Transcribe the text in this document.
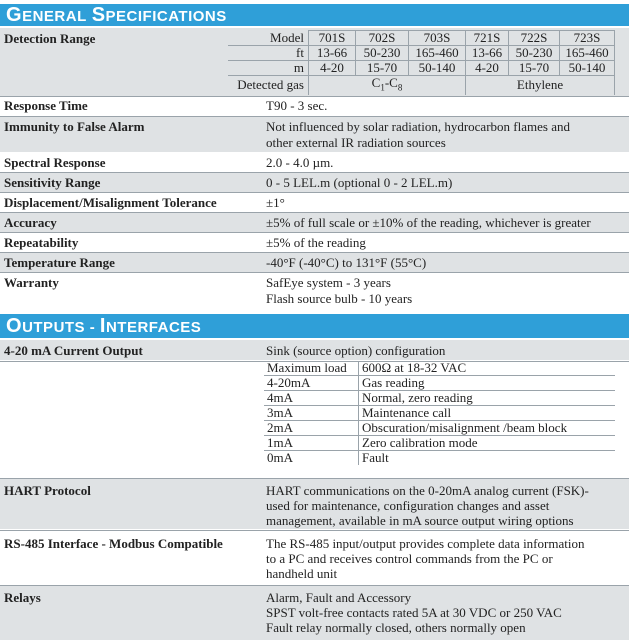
GENERAL SPECIFICATIONS
Detection Range	Model	701S	702S	703S	721S	722S	723S
ft	13-66	50-230	165-460	13-66	50-230	165-460
m	4-20	15-70	50-140	4-20	15-70	50-140
Detected gas	$C_1-C_8$			Ethylene		
Response Time	T90 - 3 sec.
Immunity to False Alarm	Not influenced by solar radiation, hydrocarbon flames and
other external IR radiation sources
Spectral Response	2.0 - 4.0 µm.
Sensitivity Range	0 - 5 LEL.m (optional 0 - 2 LEL.m)
Displacement/Misalignment Tolerance	±1°
Accuracy	±5% of full scale or ±10% of the reading, whichever is greater
Repeatability	±5% of the reading
Temperature Range	-40°F (-40°C) to 131°F (55°C)
Warranty	SafEye system - 3 years
Flash source bulb - 10 years
OUTPUTS - INTERFACES
4-20 mA Current Output	Sink (source option) configuration
Maximum load	600Ω at 18-32 VAC
4-20mA	Gas reading
4mA	Normal, zero reading
3mA	Maintenance call
2mA	Obscuration/misalignment /beam block
1mA	Zero calibration mode
0mA	Fault
HART Protocol	HART communications on the 0-20mA analog current (FSK)-
used for maintenance, configuration changes and asset
management, available in mA source output wiring options
RS-485 Interface - Modbus Compatible	The RS-485 input/output provides complete data information
to a PC and receives control commands from the PC or
handheld unit
Relays	Alarm, Fault and Accessory
SPST volt-free contacts rated 5A at 30 VDC or 250 VAC
Fault relay normally closed, others normally open
